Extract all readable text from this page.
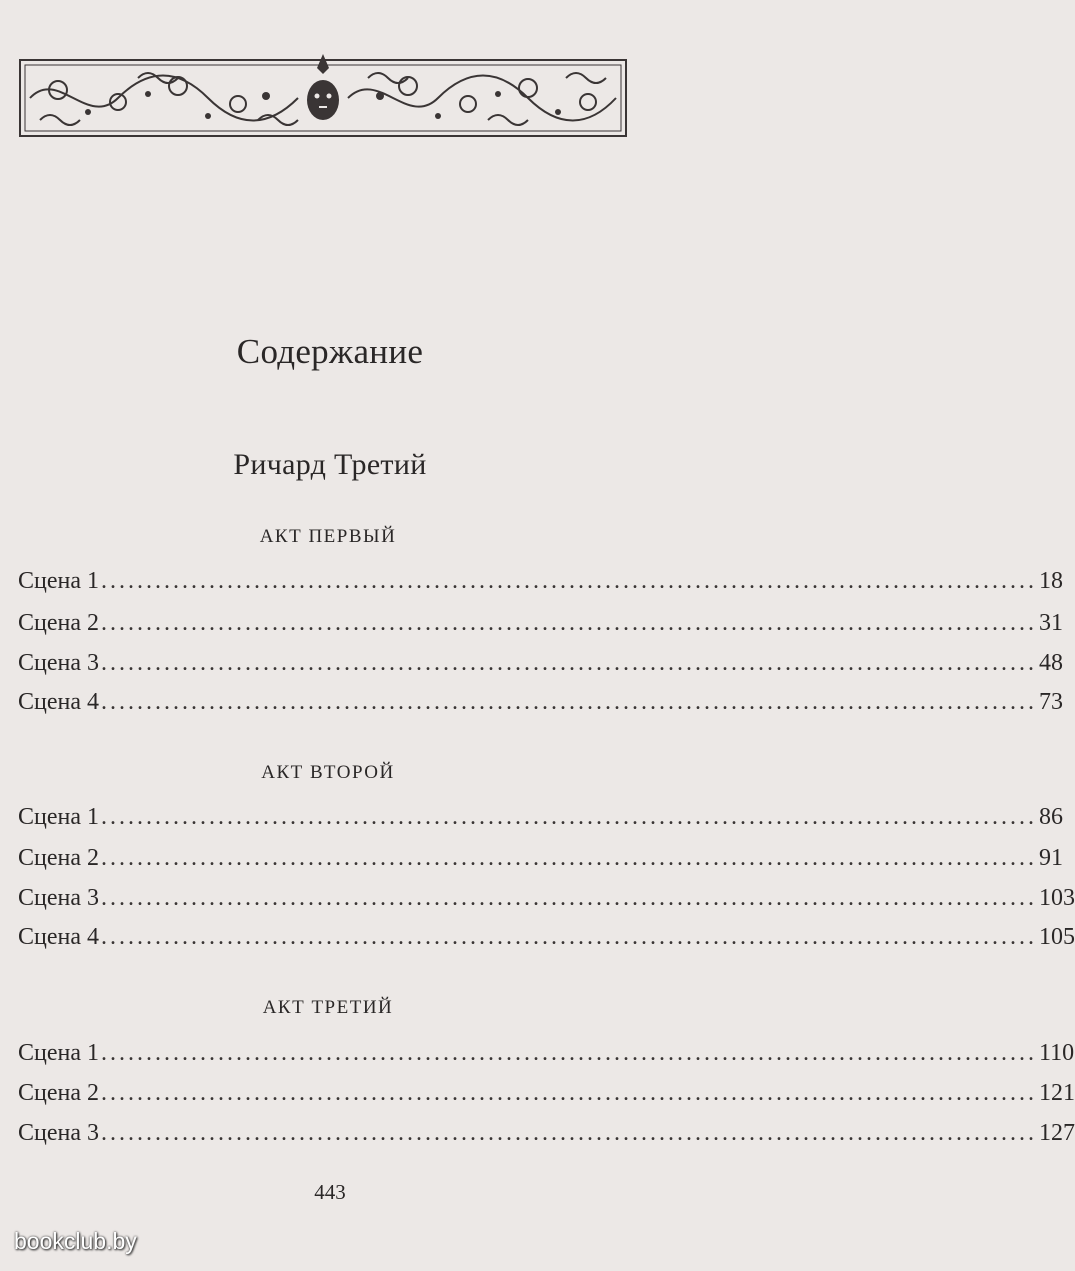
Содержание
Ричард Третий
АКТ ПЕРВЫЙ
Сцена 1 ........................................................................................................ 18
Сцена 2 ........................................................................................................ 31
Сцена 3 ........................................................................................................ 48
Сцена 4 ........................................................................................................ 73
АКТ ВТОРОЙ
Сцена 1 ........................................................................................................ 86
Сцена 2 ........................................................................................................ 91
Сцена 3 ........................................................................................................ 103
Сцена 4 ........................................................................................................ 105
АКТ ТРЕТИЙ
Сцена 1 ........................................................................................................ 110
Сцена 2 ........................................................................................................ 121
Сцена 3 ........................................................................................................ 127
443
bookclub.by
